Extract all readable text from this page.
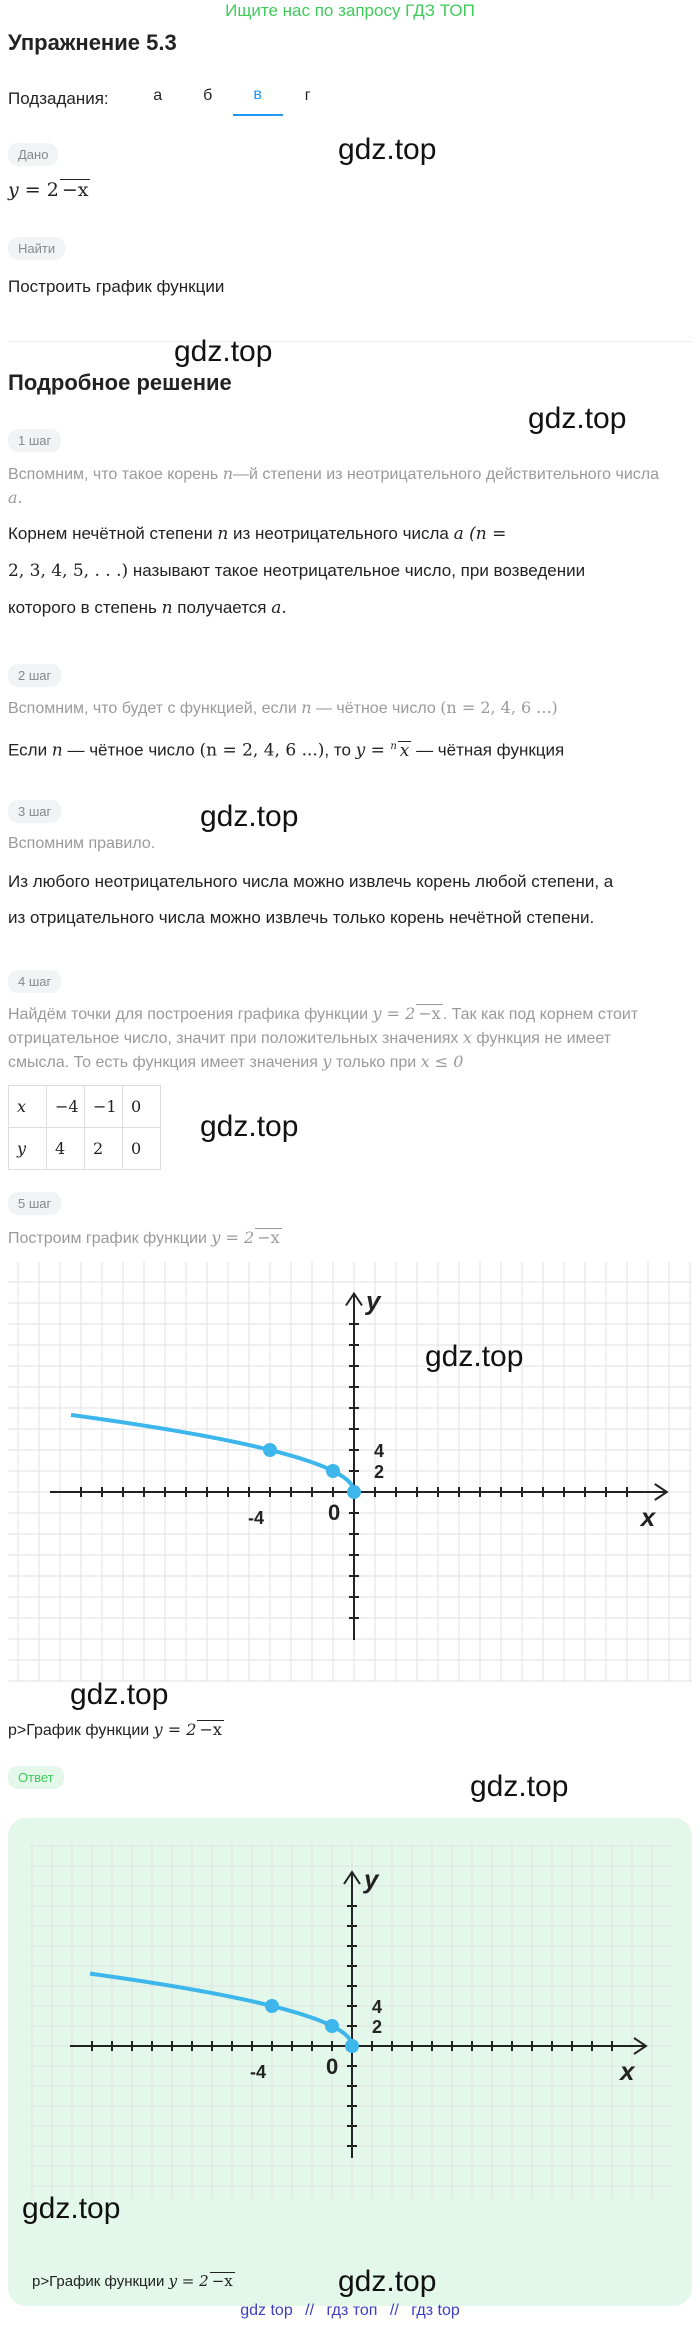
Ищите нас по запросу ГДЗ ТОП
Упражнение 5.3
Подзадания:	а	б	в	г
Дано
y = 2 −x
gdz.top
Найти
Построить график функции
gdz.top
Подробное решение
gdz.top
1 шаг
Вспомним, что такое корень n—й степени из неотрицательного действительного числа
a.
Корнем нечётной степени n из неотрицательного числа a (n =
2, 3, 4, 5, . . .) называют такое неотрицательное число, при возведении
которого в степень n получается a.
2 шаг
Вспомним, что будет с функцией, если n — чётное число (n = 2, 4, 6 ...)
Если n — чётное число (n = 2, 4, 6 ...), то y = $^n$ x — чётная функция
3 шаг
Вспомним правило.
gdz.top
Из любого неотрицательного числа можно извлечь корень любой степени, а
из отрицательного числа можно извлечь только корень нечётной степени.
4 шаг
Найдём точки для построения графика функции y = 2 −x . Так как под корнем стоит
отрицательное число, значит при положительных значениях x функция не имеет
смысла. То есть функция имеет значения y только при x ≤ 0
x	−4	−1	0
y	4	2	0
gdz.top
5 шаг
Построим график функции y = 2 −x
y
x
4
2
-4	0
gdz.top
gdz.top
p>График функции y = 2 −x
Ответ	gdz.top
y
x
4
2
-4	0
gdz.top
gdz.top
p>График функции y = 2 −x
gdz top // гдз топ // гдз top
